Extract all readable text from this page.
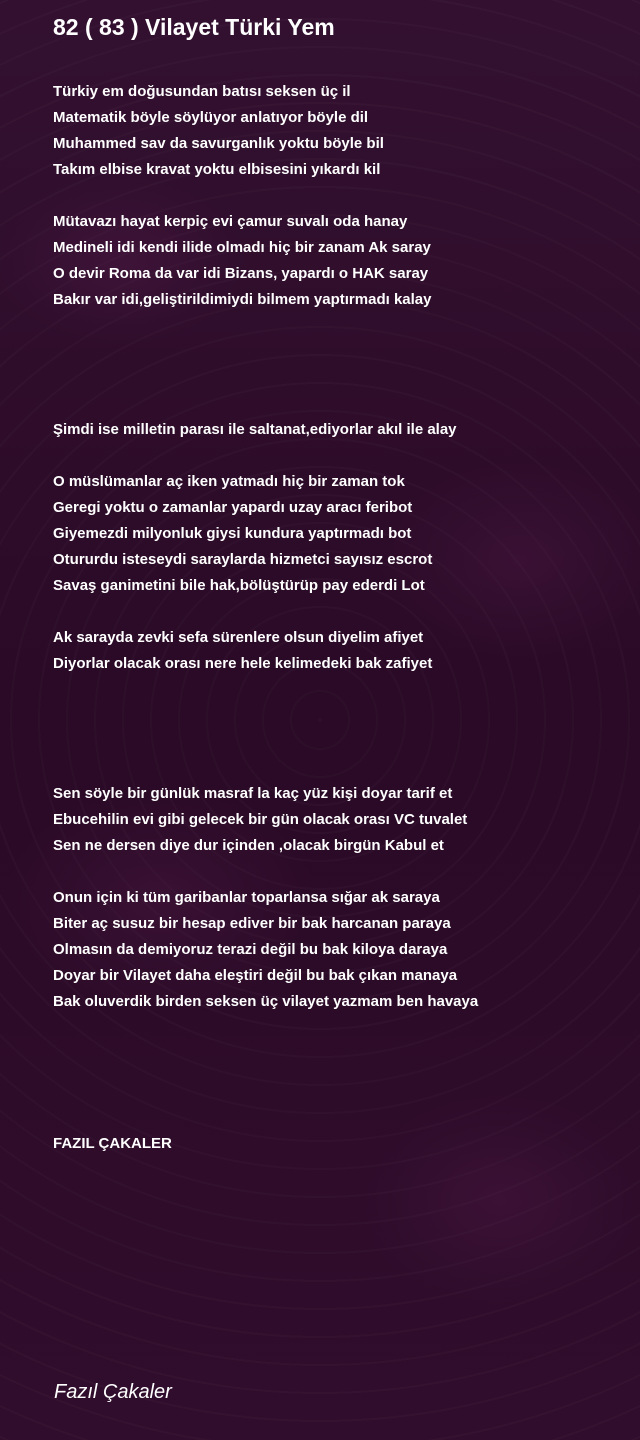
82 ( 83 ) Vilayet Türki Yem
Türkiy em doğusundan batısı seksen üç il
Matematik böyle söylüyor anlatıyor böyle dil
Muhammed sav da savurganlık yoktu böyle bil
Takım elbise kravat yoktu elbisesini yıkardı kil
Mütavazı hayat kerpiç evi çamur suvalı oda hanay
Medineli idi kendi ilide olmadı hiç bir zanam Ak saray
O devir Roma da var idi Bizans, yapardı o HAK saray
Bakır var idi,geliştirildimiydi bilmem yaptırmadı kalay
Şimdi ise milletin parası ile saltanat,ediyorlar akıl ile alay
O müslümanlar aç iken yatmadı hiç bir zaman tok
Geregi yoktu o zamanlar yapardı uzay aracı feribot
Giyemezdi milyonluk giysi kundura yaptırmadı bot
Otururdu isteseydi saraylarda hizmetci sayısız escrot
Savaş ganimetini bile hak,bölüştürüp pay ederdi Lot
Ak sarayda zevki sefa sürenlere olsun diyelim afiyet
Diyorlar olacak orası nere hele kelimedeki bak zafiyet
Sen söyle bir günlük masraf la kaç yüz kişi doyar tarif et
Ebucehilin evi gibi gelecek bir gün olacak orası VC tuvalet
Sen ne dersen diye dur içinden ,olacak birgün Kabul et
Onun için ki tüm garibanlar toparlansa sığar ak saraya
Biter aç susuz bir hesap ediver bir bak harcanan paraya
Olmasın da demiyoruz terazi değil bu bak kiloya daraya
Doyar bir Vilayet daha eleştiri değil bu bak çıkan manaya
Bak oluverdik birden seksen üç vilayet yazmam ben havaya
FAZIL ÇAKALER
Fazıl Çakaler
